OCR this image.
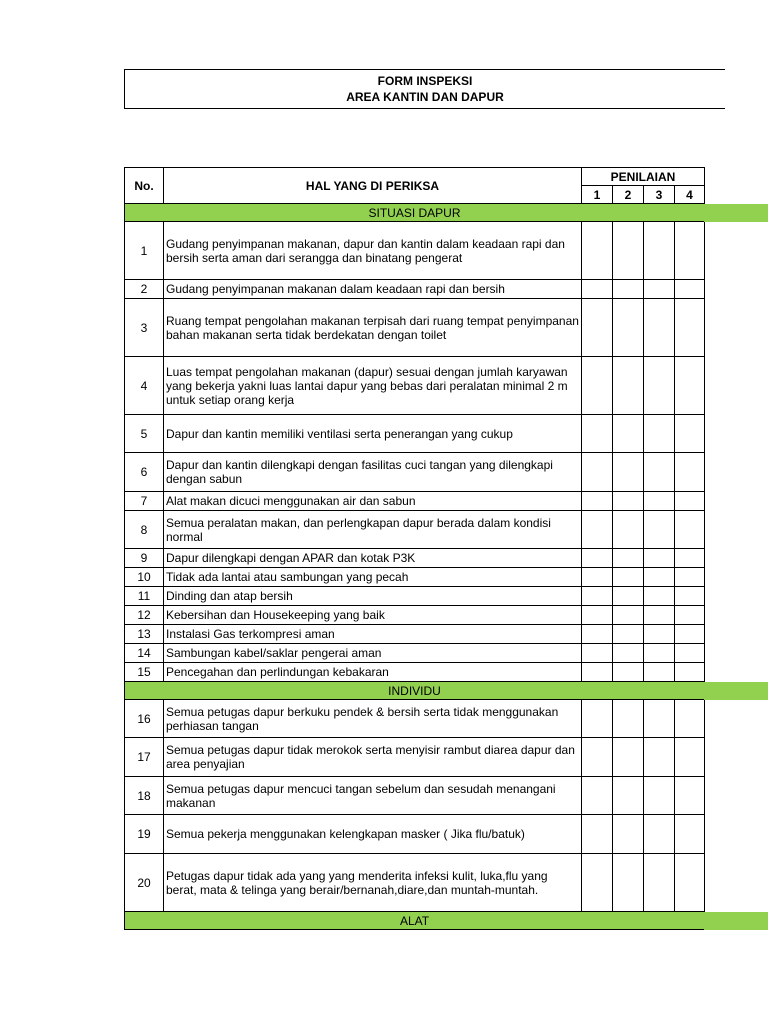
FORM INSPEKSI
AREA KANTIN DAN DAPUR
No.	HAL YANG DI PERIKSA	PENILAIAN			
		1	2	3	4
SITUASI DAPUR					
1	Gudang penyimpanan makanan, dapur dan kantin dalam keadaan rapi dan bersih serta aman dari serangga dan binatang pengerat				
2	Gudang penyimpanan makanan dalam keadaan rapi dan bersih				
3	Ruang tempat pengolahan makanan terpisah dari ruang tempat penyimpanan bahan makanan serta tidak berdekatan dengan toilet				
4	Luas tempat pengolahan makanan (dapur) sesuai dengan jumlah karyawan yang bekerja yakni luas lantai dapur yang bebas dari peralatan minimal 2 m untuk setiap orang kerja				
5	Dapur dan kantin memiliki ventilasi serta penerangan yang cukup				
6	Dapur dan kantin dilengkapi dengan fasilitas cuci tangan yang dilengkapi dengan sabun				
7	Alat makan dicuci menggunakan air dan sabun				
8	Semua peralatan makan, dan perlengkapan dapur berada dalam kondisi normal				
9	Dapur dilengkapi dengan APAR dan kotak P3K				
10	Tidak ada lantai atau sambungan yang pecah				
11	Dinding dan atap bersih				
12	Kebersihan dan Housekeeping yang baik				
13	Instalasi Gas terkompresi aman				
14	Sambungan kabel/saklar pengerai aman				
15	Pencegahan dan perlindungan kebakaran				
INDIVIDU					
16	Semua petugas dapur berkuku pendek & bersih serta tidak menggunakan perhiasan tangan				
17	Semua petugas dapur tidak merokok serta menyisir rambut diarea dapur dan area penyajian				
18	Semua petugas dapur mencuci tangan sebelum dan sesudah menangani makanan				
19	Semua pekerja menggunakan kelengkapan masker ( Jika flu/batuk)				
20	Petugas dapur tidak ada yang yang menderita infeksi kulit, luka,flu yang berat, mata & telinga yang berair/bernanah,diare,dan muntah-muntah.				
ALAT					
